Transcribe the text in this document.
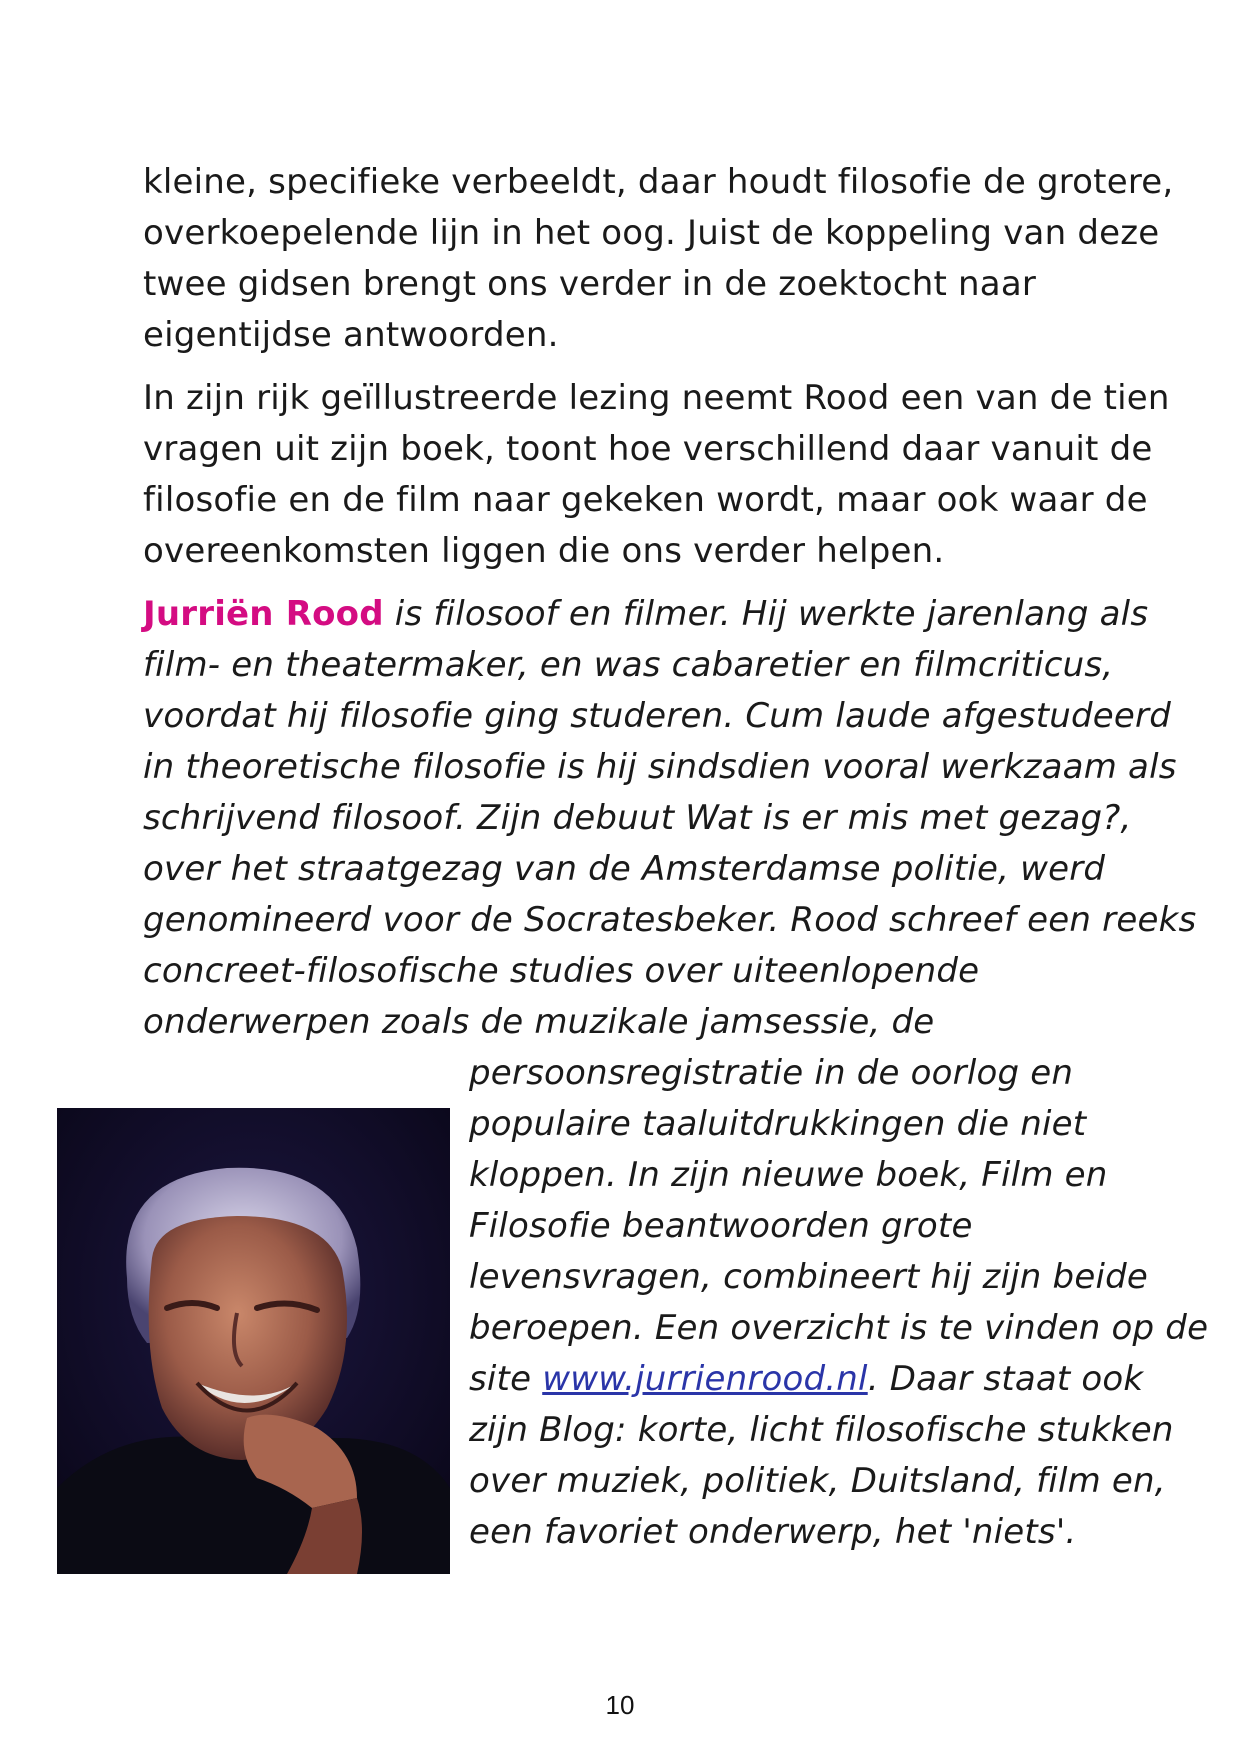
kleine, specifieke verbeeldt, daar houdt filosofie de grotere,
overkoepelende lijn in het oog. Juist de koppeling van deze
twee gidsen brengt ons verder in de zoektocht naar
eigentijdse antwoorden.
In zijn rijk geïllustreerde lezing neemt Rood een van de tien
vragen uit zijn boek, toont hoe verschillend daar vanuit de
filosofie en de film naar gekeken wordt, maar ook waar de
overeenkomsten liggen die ons verder helpen.
Jurriën Rood is filosoof en filmer. Hij werkte jarenlang als
film- en theatermaker, en was cabaretier en filmcriticus,
voordat hij filosofie ging studeren. Cum laude afgestudeerd
in theoretische filosofie is hij sindsdien vooral werkzaam als
schrijvend filosoof. Zijn debuut Wat is er mis met gezag?,
over het straatgezag van de Amsterdamse politie, werd
genomineerd voor de Socratesbeker. Rood schreef een reeks
concreet-filosofische studies over uiteenlopende
onderwerpen zoals de muzikale jamsessie, de
persoonsregistratie in de oorlog en
populaire taaluitdrukkingen die niet
kloppen. In zijn nieuwe boek, Film en
Filosofie beantwoorden grote
levensvragen, combineert hij zijn beide
beroepen. Een overzicht is te vinden op de
site www.jurrienrood.nl. Daar staat ook
zijn Blog: korte, licht filosofische stukken
over muziek, politiek, Duitsland, film en,
een favoriet onderwerp, het 'niets'.
10
